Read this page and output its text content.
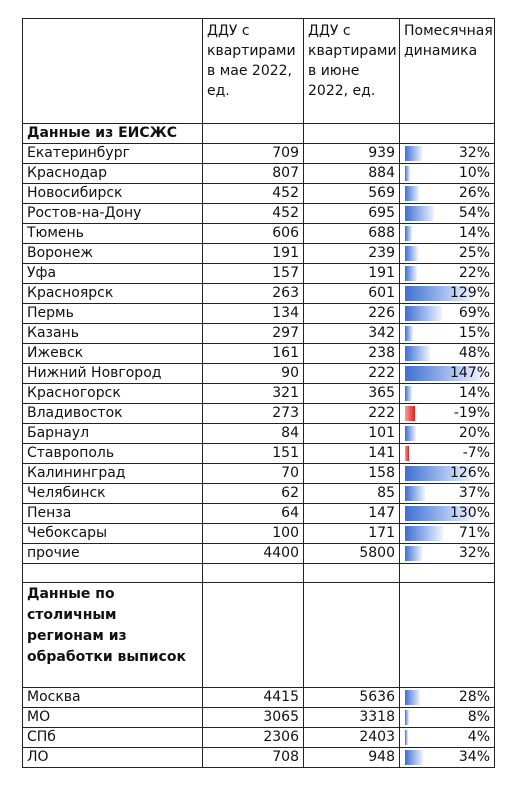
	ДДУ с квартирами в мае 2022, ед.	ДДУ с квартирами в июне 2022, ед.	Помесячная динамика
Данные из ЕИСЖС			
Екатеринбург	709	939	32%

Краснодар	807	884	10%

Новосибирск	452	569	26%

Ростов-на-Дону	452	695	54%

Тюмень	606	688	14%

Воронеж	191	239	25%

Уфа	157	191	22%

Красноярск	263	601	129%

Пермь	134	226	69%

Казань	297	342	15%

Ижевск	161	238	48%

Нижний Новгород	90	222	147%

Красногорск	321	365	14%

Владивосток	273	222	-19%

Барнаул	84	101	20%

Ставрополь	151	141	-7%

Калининград	70	158	126%

Челябинск	62	85	37%

Пенза	64	147	130%

Чебоксары	100	171	71%

прочие	4400	5800	32%

Данные по столичным регионам из обработки выписок			
Москва	4415	5636	28%

МО	3065	3318	8%

СПб	2306	2403	4%

ЛО	708	948	34%
